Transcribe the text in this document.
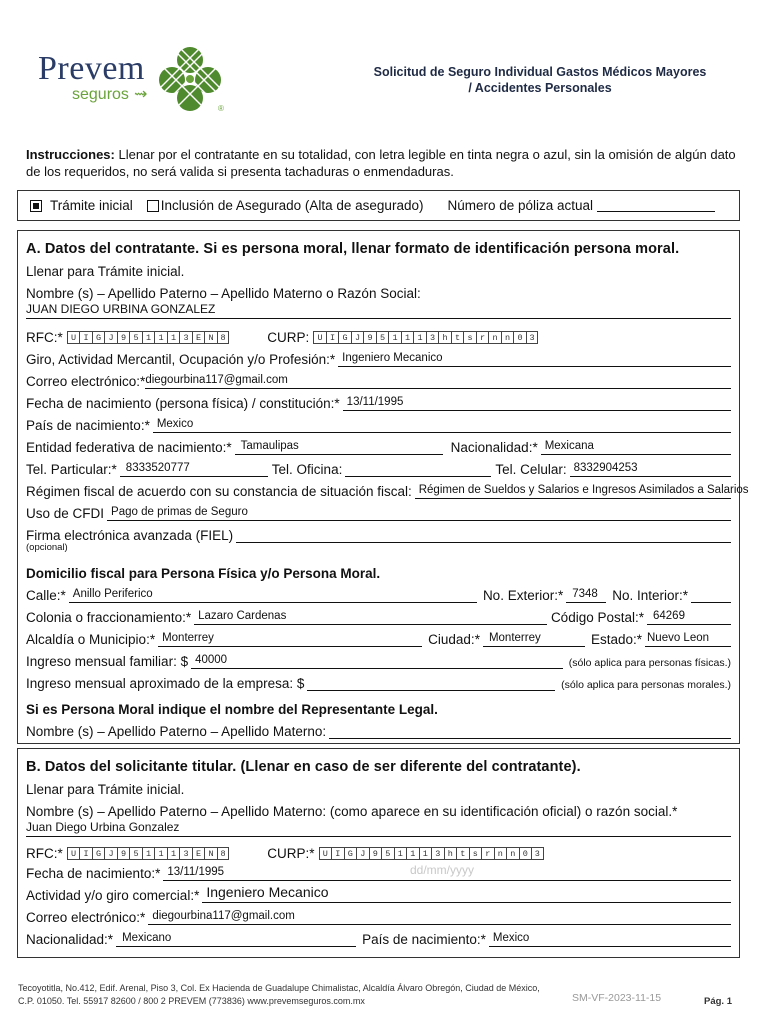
Prevem
seguros ⇝
®
Solicitud de Seguro Individual Gastos Médicos Mayores
/ Accidentes Personales
Instrucciones: Llenar por el contratante en su totalidad, con letra legible en tinta negra o azul, sin la omisión de algún dato de los requeridos, no será valida si presenta tachaduras o enmendaduras.
Trámite inicial Inclusión de Asegurado (Alta de asegurado) Número de póliza actual
A. Datos del contratante. Si es persona moral, llenar formato de identificación persona moral.
Llenar para Trámite inicial.
Nombre (s) – Apellido Paterno – Apellido Materno o Razón Social:
JUAN DIEGO URBINA GONZALEZ
RFC:* U I G J 9 5 1 1 1 3 E N 8	CURP: U I G J 9 5 1 1 1 3 h t s r n n 0 3
Giro, Actividad Mercantil, Ocupación y/o Profesión:* Ingeniero Mecanico
Correo electrónico:* diegourbina117@gmail.com
Fecha de nacimiento (persona física) / constitución:* 13/11/1995
País de nacimiento:* Mexico
Entidad federativa de nacimiento:* Tamaulipas	Nacionalidad:* Mexicana
Tel. Particular:* 8333520777	Tel. Oficina:	Tel. Celular: 8332904253
Régimen fiscal de acuerdo con su constancia de situación fiscal: Régimen de Sueldos y Salarios e Ingresos Asimilados a Salarios
Uso de CFDI Pago de primas de Seguro
Firma electrónica avanzada (FIEL)
(opcional)
Domicilio fiscal para Persona Física y/o Persona Moral.
Calle:* Anillo Periferico	No. Exterior:* 7348 No. Interior:*
Colonia o fraccionamiento:* Lazaro Cardenas	Código Postal:* 64269
Alcaldía o Municipio:* Monterrey	Ciudad:* Monterrey	Estado:* Nuevo Leon
Ingreso mensual familiar: $ 40000	(sólo aplica para personas físicas.)
Ingreso mensual aproximado de la empresa: $	(sólo aplica para personas morales.)
Si es Persona Moral indique el nombre del Representante Legal.
Nombre (s) – Apellido Paterno – Apellido Materno:
B. Datos del solicitante titular. (Llenar en caso de ser diferente del contratante).
Llenar para Trámite inicial.
Nombre (s) – Apellido Paterno – Apellido Materno: (como aparece en su identificación oficial) o razón social.*
Juan Diego Urbina Gonzalez
RFC:* U I G J 9 5 1 1 1 3 E N 8	CURP:* U I G J 9 5 1 1 1 3 h t s r n n 0 3
dd/mm/yyyy
Fecha de nacimiento:* 13/11/1995
Actividad y/o giro comercial:* Ingeniero Mecanico
Correo electrónico:* diegourbina117@gmail.com
Nacionalidad:* Mexicano	País de nacimiento:* Mexico
Tecoyotitla, No.412, Edif. Arenal, Piso 3, Col. Ex Hacienda de Guadalupe Chimalistac, Alcaldía Álvaro Obregón, Ciudad de México, C.P. 01050. Tel. 55917 82600 / 800 2 PREVEM (773836) www.prevemseguros.com.mx	SM-VF-2023-11-15	Pág. 1
